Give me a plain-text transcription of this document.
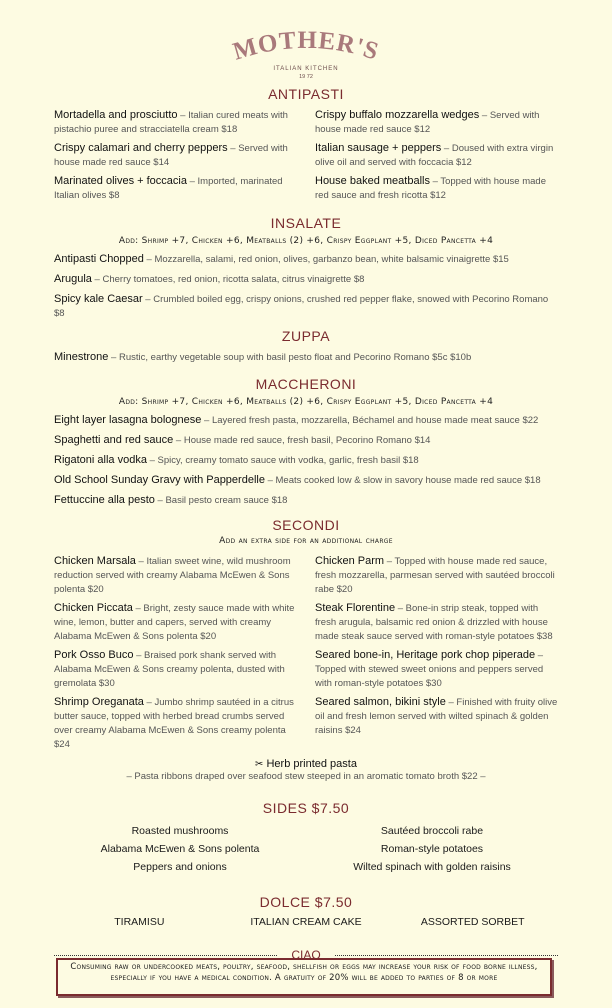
MOTHER'S
ITALIAN KITCHEN
19 72
ANTIPASTI
Mortadella and prosciutto – Italian cured meats with pistachio puree and stracciatella cream $18
Crispy calamari and cherry peppers – Served with house made red sauce $14
Marinated olives + foccacia – Imported, marinated Italian olives $8
Crispy buffalo mozzarella wedges – Served with house made red sauce $12
Italian sausage + peppers – Doused with extra virgin olive oil and served with foccacia $12
House baked meatballs – Topped with house made red sauce and fresh ricotta $12
INSALATE
Add: Shrimp +7, Chicken +6, Meatballs (2) +6, Crispy Eggplant +5, Diced Pancetta +4
Antipasti Chopped – Mozzarella, salami, red onion, olives, garbanzo bean, white balsamic vinaigrette $15
Arugula – Cherry tomatoes, red onion, ricotta salata, citrus vinaigrette $8
Spicy kale Caesar – Crumbled boiled egg, crispy onions, crushed red pepper flake, snowed with Pecorino Romano $8
ZUPPA
Minestrone – Rustic, earthy vegetable soup with basil pesto float and Pecorino Romano $5c $10b
MACCHERONI
Add: Shrimp +7, Chicken +6, Meatballs (2) +6, Crispy Eggplant +5, Diced Pancetta +4
Eight layer lasagna bolognese – Layered fresh pasta, mozzarella, Béchamel and house made meat sauce $22
Spaghetti and red sauce – House made red sauce, fresh basil, Pecorino Romano $14
Rigatoni alla vodka – Spicy, creamy tomato sauce with vodka, garlic, fresh basil $18
Old School Sunday Gravy with Papperdelle – Meats cooked low & slow in savory house made red sauce $18
Fettuccine alla pesto – Basil pesto cream sauce $18
SECONDI
Add an extra side for an additional charge
Chicken Marsala – Italian sweet wine, wild mushroom reduction served with creamy Alabama McEwen & Sons polenta $20
Chicken Piccata – Bright, zesty sauce made with white wine, lemon, butter and capers, served with creamy Alabama McEwen & Sons polenta $20
Pork Osso Buco – Braised pork shank served with Alabama McEwen & Sons creamy polenta, dusted with gremolata $30
Shrimp Oreganata – Jumbo shrimp sautéed in a citrus butter sauce, topped with herbed bread crumbs served over creamy Alabama McEwen & Sons creamy polenta $24
Chicken Parm – Topped with house made red sauce, fresh mozzarella, parmesan served with sautéed broccoli rabe $20
Steak Florentine – Bone-in strip steak, topped with fresh arugula, balsamic red onion & drizzled with house made steak sauce served with roman-style potatoes $38
Seared bone-in, Heritage pork chop piperade – Topped with stewed sweet onions and peppers served with roman-style potatoes $30
Seared salmon, bikini style – Finished with fruity olive oil and fresh lemon served with wilted spinach & golden raisins $24
✂ Herb printed pasta
– Pasta ribbons draped over seafood stew steeped in an aromatic tomato broth $22 –
SIDES $7.50
Roasted mushrooms
Alabama McEwen & Sons polenta
Peppers and onions
Sautéed broccoli rabe
Roman-style potatoes
Wilted spinach with golden raisins
DOLCE $7.50
TIRAMISU	ITALIAN CREAM CAKE	ASSORTED SORBET
CIAO
Consuming raw or undercooked meats, poultry, seafood, shellfish or eggs may increase your risk of food borne illness, especially if you have a medical condition. A gratuity of 20% will be added to parties of 8 or more
